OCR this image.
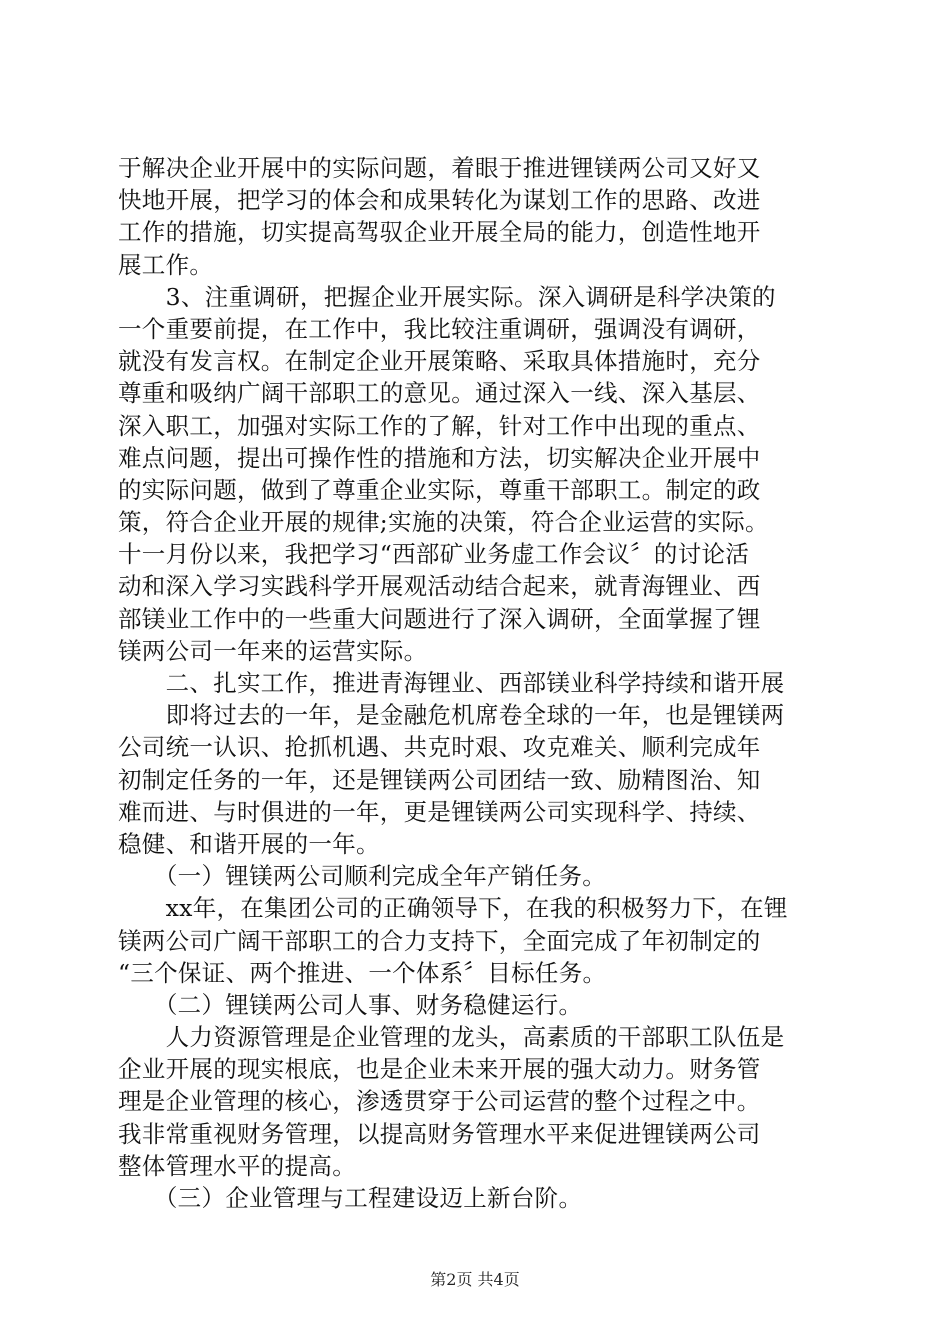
于解决企业开展中的实际问题，着眼于推进锂镁两公司又好又
快地开展，把学习的体会和成果转化为谋划工作的思路、改进
工作的措施，切实提高驾驭企业开展全局的能力，创造性地开
展工作。
　　3、注重调研，把握企业开展实际。深入调研是科学决策的
一个重要前提，在工作中，我比较注重调研，强调没有调研，
就没有发言权。在制定企业开展策略、采取具体措施时，充分
尊重和吸纳广阔干部职工的意见。通过深入一线、深入基层、
深入职工，加强对实际工作的了解，针对工作中出现的重点、
难点问题，提出可操作性的措施和方法，切实解决企业开展中
的实际问题，做到了尊重企业实际，尊重干部职工。制定的政
策，符合企业开展的规律;实施的决策，符合企业运营的实际。
十一月份以来，我把学习“西部矿业务虚工作会议〞的讨论活
动和深入学习实践科学开展观活动结合起来，就青海锂业、西
部镁业工作中的一些重大问题进行了深入调研，全面掌握了锂
镁两公司一年来的运营实际。
　　二、扎实工作，推进青海锂业、西部镁业科学持续和谐开展
　　即将过去的一年，是金融危机席卷全球的一年，也是锂镁两
公司统一认识、抢抓机遇、共克时艰、攻克难关、顺利完成年
初制定任务的一年，还是锂镁两公司团结一致、励精图治、知
难而进、与时俱进的一年，更是锂镁两公司实现科学、持续、
稳健、和谐开展的一年。
　　（一）锂镁两公司顺利完成全年产销任务。
　　xx年，在集团公司的正确领导下，在我的积极努力下，在锂
镁两公司广阔干部职工的合力支持下，全面完成了年初制定的
“三个保证、两个推进、一个体系〞目标任务。
　　（二）锂镁两公司人事、财务稳健运行。
　　人力资源管理是企业管理的龙头，高素质的干部职工队伍是
企业开展的现实根底，也是企业未来开展的强大动力。财务管
理是企业管理的核心，渗透贯穿于公司运营的整个过程之中。
我非常重视财务管理，以提高财务管理水平来促进锂镁两公司
整体管理水平的提高。
　　（三）企业管理与工程建设迈上新台阶。
第2页 共4页
